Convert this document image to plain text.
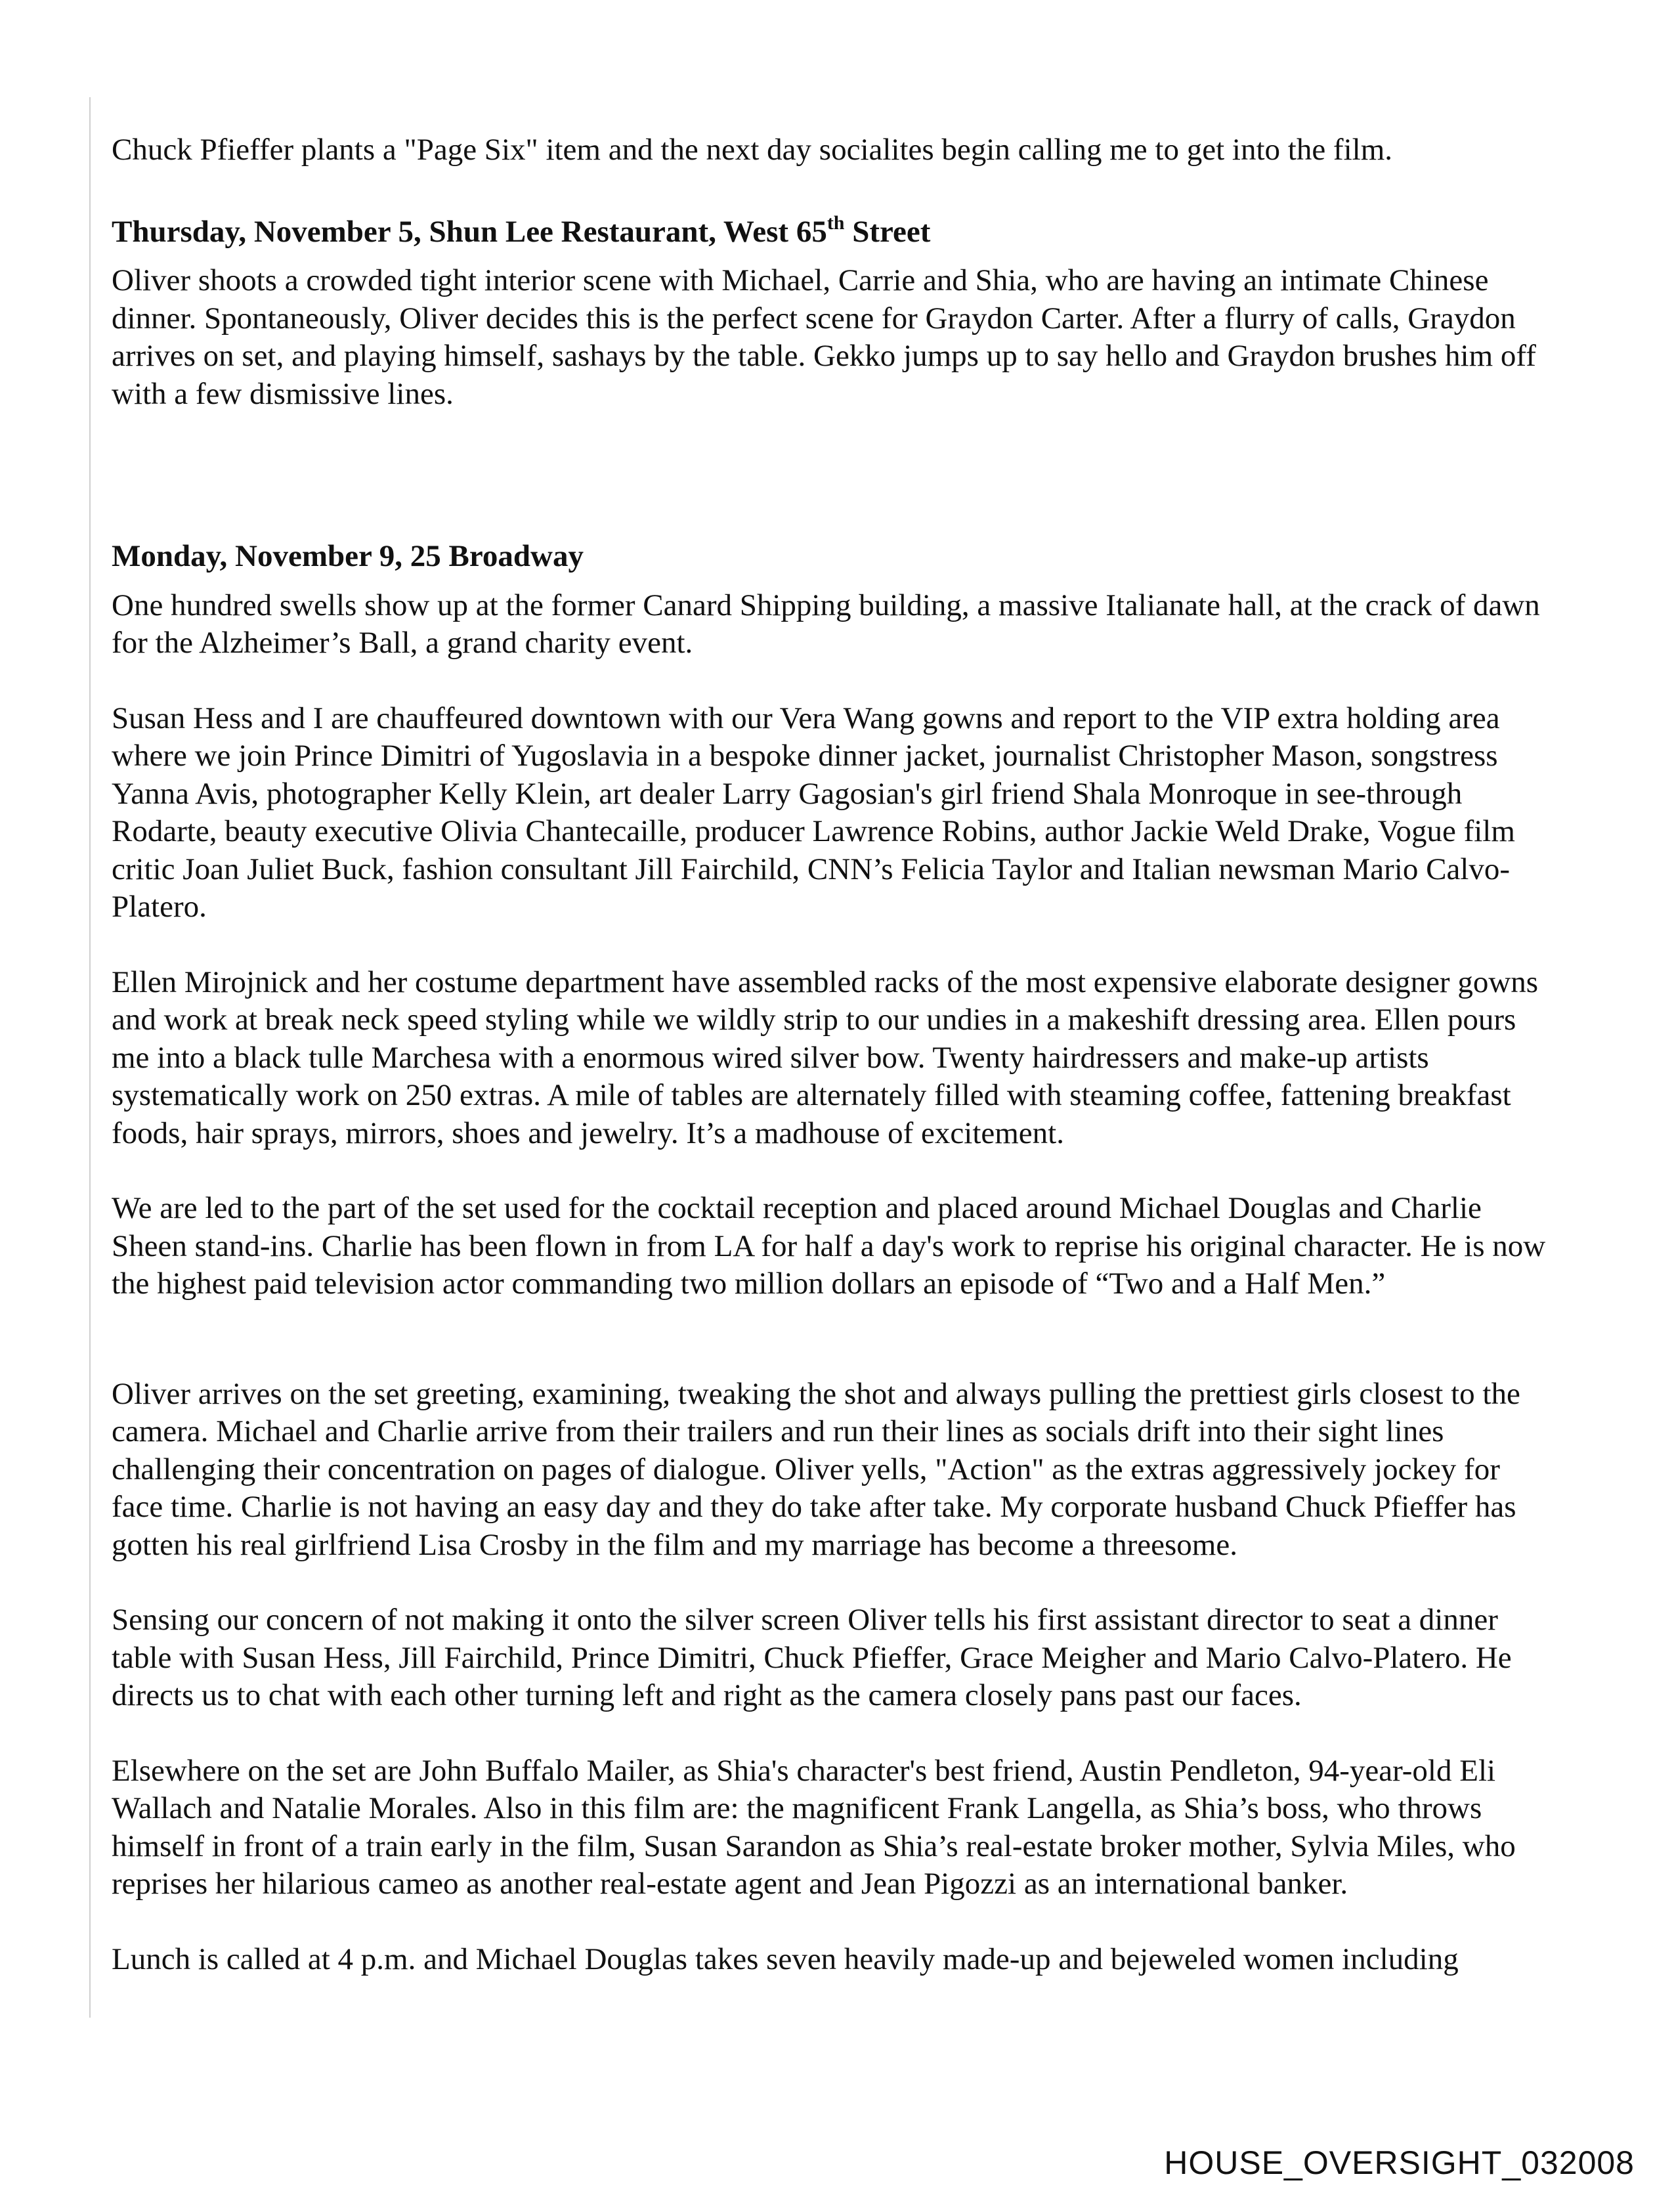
Chuck Pfieffer plants a "Page Six" item and the next day socialites begin calling me to get into the film.

Thursday, November 5, Shun Lee Restaurant, West 65th Street

Oliver shoots a crowded tight interior scene with Michael, Carrie and Shia, who are having an intimate Chinese dinner. Spontaneously, Oliver decides this is the perfect scene for Graydon Carter. After a flurry of calls, Graydon arrives on set, and playing himself, sashays by the table. Gekko jumps up to say hello and Graydon brushes him off with a few dismissive lines.

Monday, November 9, 25 Broadway

One hundred swells show up at the former Canard Shipping building, a massive Italianate hall, at the crack of dawn for the Alzheimer’s Ball, a grand charity event.

Susan Hess and I are chauffeured downtown with our Vera Wang gowns and report to the VIP extra holding area where we join Prince Dimitri of Yugoslavia in a bespoke dinner jacket, journalist Christopher Mason, songstress Yanna Avis, photographer Kelly Klein, art dealer Larry Gagosian's girl friend Shala Monroque in see-through Rodarte, beauty executive Olivia Chantecaille, producer Lawrence Robins, author Jackie Weld Drake, Vogue film critic Joan Juliet Buck, fashion consultant Jill Fairchild, CNN’s Felicia Taylor and Italian newsman Mario Calvo-Platero.

Ellen Mirojnick and her costume department have assembled racks of the most expensive elaborate designer gowns and work at break neck speed styling while we wildly strip to our undies in a makeshift dressing area. Ellen pours me into a black tulle Marchesa with a enormous wired silver bow. Twenty hairdressers and make-up artists systematically work on 250 extras. A mile of tables are alternately filled with steaming coffee, fattening breakfast foods, hair sprays, mirrors, shoes and jewelry. It’s a madhouse of excitement.

We are led to the part of the set used for the cocktail reception and placed around Michael Douglas and Charlie Sheen stand-ins. Charlie has been flown in from LA for half a day's work to reprise his original character. He is now the highest paid television actor commanding two million dollars an episode of “Two and a Half Men.”

Oliver arrives on the set greeting, examining, tweaking the shot and always pulling the prettiest girls closest to the camera. Michael and Charlie arrive from their trailers and run their lines as socials drift into their sight lines challenging their concentration on pages of dialogue. Oliver yells, "Action" as the extras aggressively jockey for face time. Charlie is not having an easy day and they do take after take. My corporate husband Chuck Pfieffer has gotten his real girlfriend Lisa Crosby in the film and my marriage has become a threesome.

Sensing our concern of not making it onto the silver screen Oliver tells his first assistant director to seat a dinner table with Susan Hess, Jill Fairchild, Prince Dimitri, Chuck Pfieffer, Grace Meigher and Mario Calvo-Platero. He directs us to chat with each other turning left and right as the camera closely pans past our faces.

Elsewhere on the set are John Buffalo Mailer, as Shia's character's best friend, Austin Pendleton, 94-year-old Eli Wallach and Natalie Morales. Also in this film are: the magnificent Frank Langella, as Shia’s boss, who throws himself in front of a train early in the film, Susan Sarandon as Shia’s real-estate broker mother, Sylvia Miles, who reprises her hilarious cameo as another real-estate agent and Jean Pigozzi as an international banker.

Lunch is called at 4 p.m. and Michael Douglas takes seven heavily made-up and bejeweled women including

HOUSE_OVERSIGHT_032008
